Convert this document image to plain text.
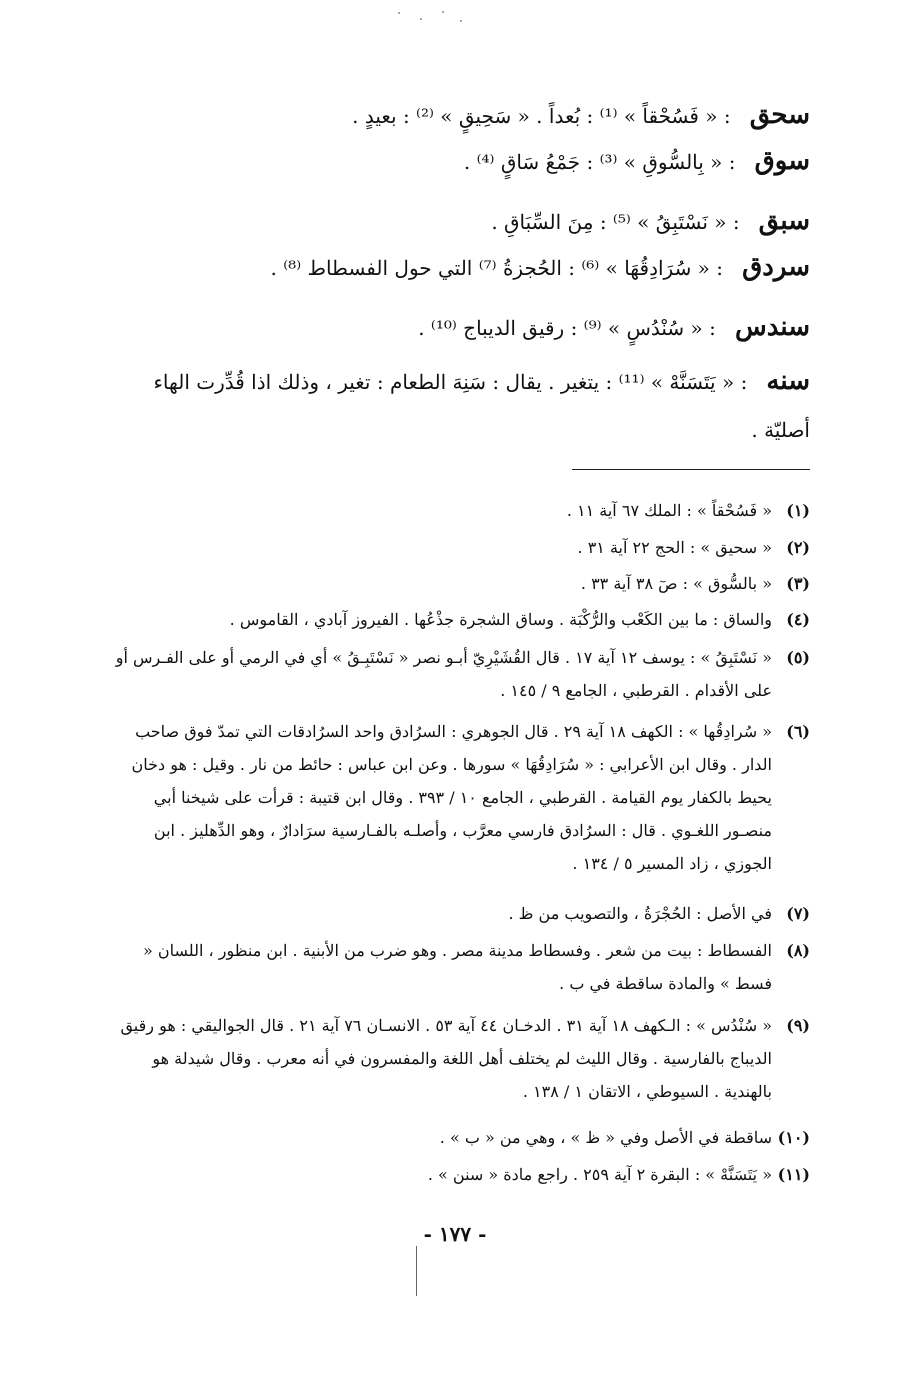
سحق : « فَسُحْقاً » ⁽¹⁾ : بُعداً . « سَحِيقٍ » ⁽²⁾ : بعيدٍ .
سوق : « بِالسُّوقِ » ⁽³⁾ : جَمْعُ سَاقٍ ⁽⁴⁾ .
سبق : « نَسْتَبِقُ » ⁽⁵⁾ : مِنَ السِّبَاقِ .
سردق : « سُرَادِقُهَا » ⁽⁶⁾ : الحُجزةُ ⁽⁷⁾ التي حول الفسطاط ⁽⁸⁾ .
سندس : « سُنْدُسٍ » ⁽⁹⁾ : رقيق الديباج ⁽¹⁰⁾ .
سنه : « يَتَسَنَّهْ » ⁽¹¹⁾ : يتغير . يقال : سَنِهَ الطعام : تغير ، وذلك اذا قُدِّرت الهاء أصليّة .
(١)
« فَسُحْقاً » : الملك ٦٧ آية ١١ .
(٢)
« سحيق » : الحج ٢٢ آية ٣١ .
(٣)
« بالسُّوق » : صٓ ٣٨ آية ٣٣ .
(٤)
والساق : ما بين الكَعْب والرُّكْبَة . وساق الشجرة جذْعُها . الفيروز آبادي ، القاموس .
(٥)
« نَسْتَبِقُ » : يوسف ١٢ آية ١٧ . قال القُشَيْرِيّ أبـو نصر « نَسْتَبِـقُ » أي في الرمي أو على الفـرس أو على الأقدام . القرطبي ، الجامع ٩ / ١٤٥ .
(٦)
« سُرادِقُها » : الكهف ١٨ آية ٢٩ . قال الجوهري : السرُادق واحد السرُادقات التي تمدّ فوق صاحب الدار . وقال ابن الأعرابي : « سُرَادِقُهَا » سورها . وعن ابن عباس : حائط من نار . وقيل : هو دخان يحيط بالكفار يوم القيامة . القرطبي ، الجامع ١٠ / ٣٩٣ . وقال ابن قتيبة : قرأت على شيخنا أبي منصـور اللغـوي . قال : السرُادق فارسي معرَّب ، وأصلـه بالفـارسية سرَادارٌ ، وهو الدِّهليز . ابن الجوزي ، زاد المسير ٥ / ١٣٤ .
(٧)
في الأصل : الحُجْرَةُ ، والتصويب من ظ .
(٨)
الفسطاط : بيت من شعر . وفسطاط مدينة مصر . وهو ضرب من الأبنية . ابن منظور ، اللسان « فسط » والمادة ساقطة في ب .
(٩)
« سُنْدُس » : الـكهف ١٨ آية ٣١ . الدخـان ٤٤ آية ٥٣ . الانسـان ٧٦ آية ٢١ . قال الجواليقي : هو رقيق الديباج بالفارسية . وقال الليث لم يختلف أهل اللغة والمفسرون في أنه معرب . وقال شيدلة هو بالهندية . السيوطي ، الاتقان ١ / ١٣٨ .
(١٠)
ساقطة في الأصل وفي « ظ » ، وهي من « ب » .
(١١)
« يَتَسَنَّهْ » : البقرة ٢ آية ٢٥٩ . راجع مادة « سنن » .
- ١٧٧ -
